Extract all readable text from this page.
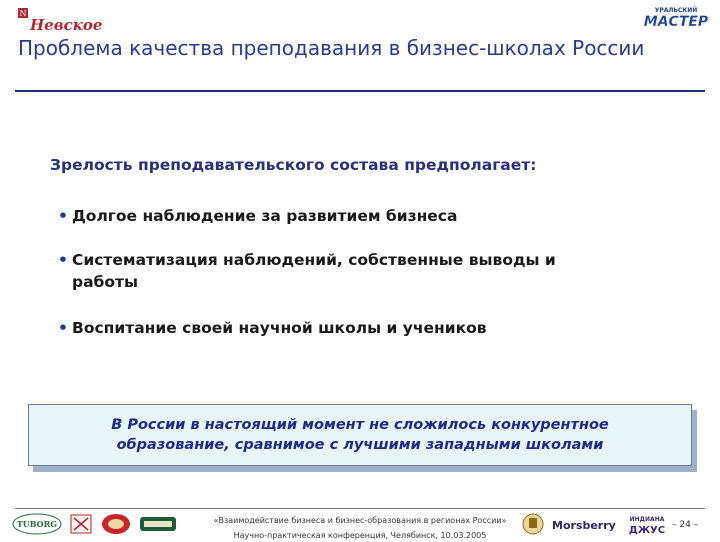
N
Невское
УРАЛЬСКИЙ
МАСТЕР
Проблема качества преподавания в бизнес-школах России
Зрелость преподавательского состава предполагает:
• Долгое наблюдение за развитием бизнеса
• Систематизация наблюдений, собственные выводы и работы
• Воспитание своей научной школы и учеников
В России в настоящий момент не сложилось конкурентное образование, сравнимое с лучшими западными школами
TUBORG	«Взаимодействие бизнеса и бизнес-образования в регионах России»
Научно-практическая конференция, Челябинск, 10.03.2005
Morsberry ИНДИАНА
ДЖУС – 24 –
